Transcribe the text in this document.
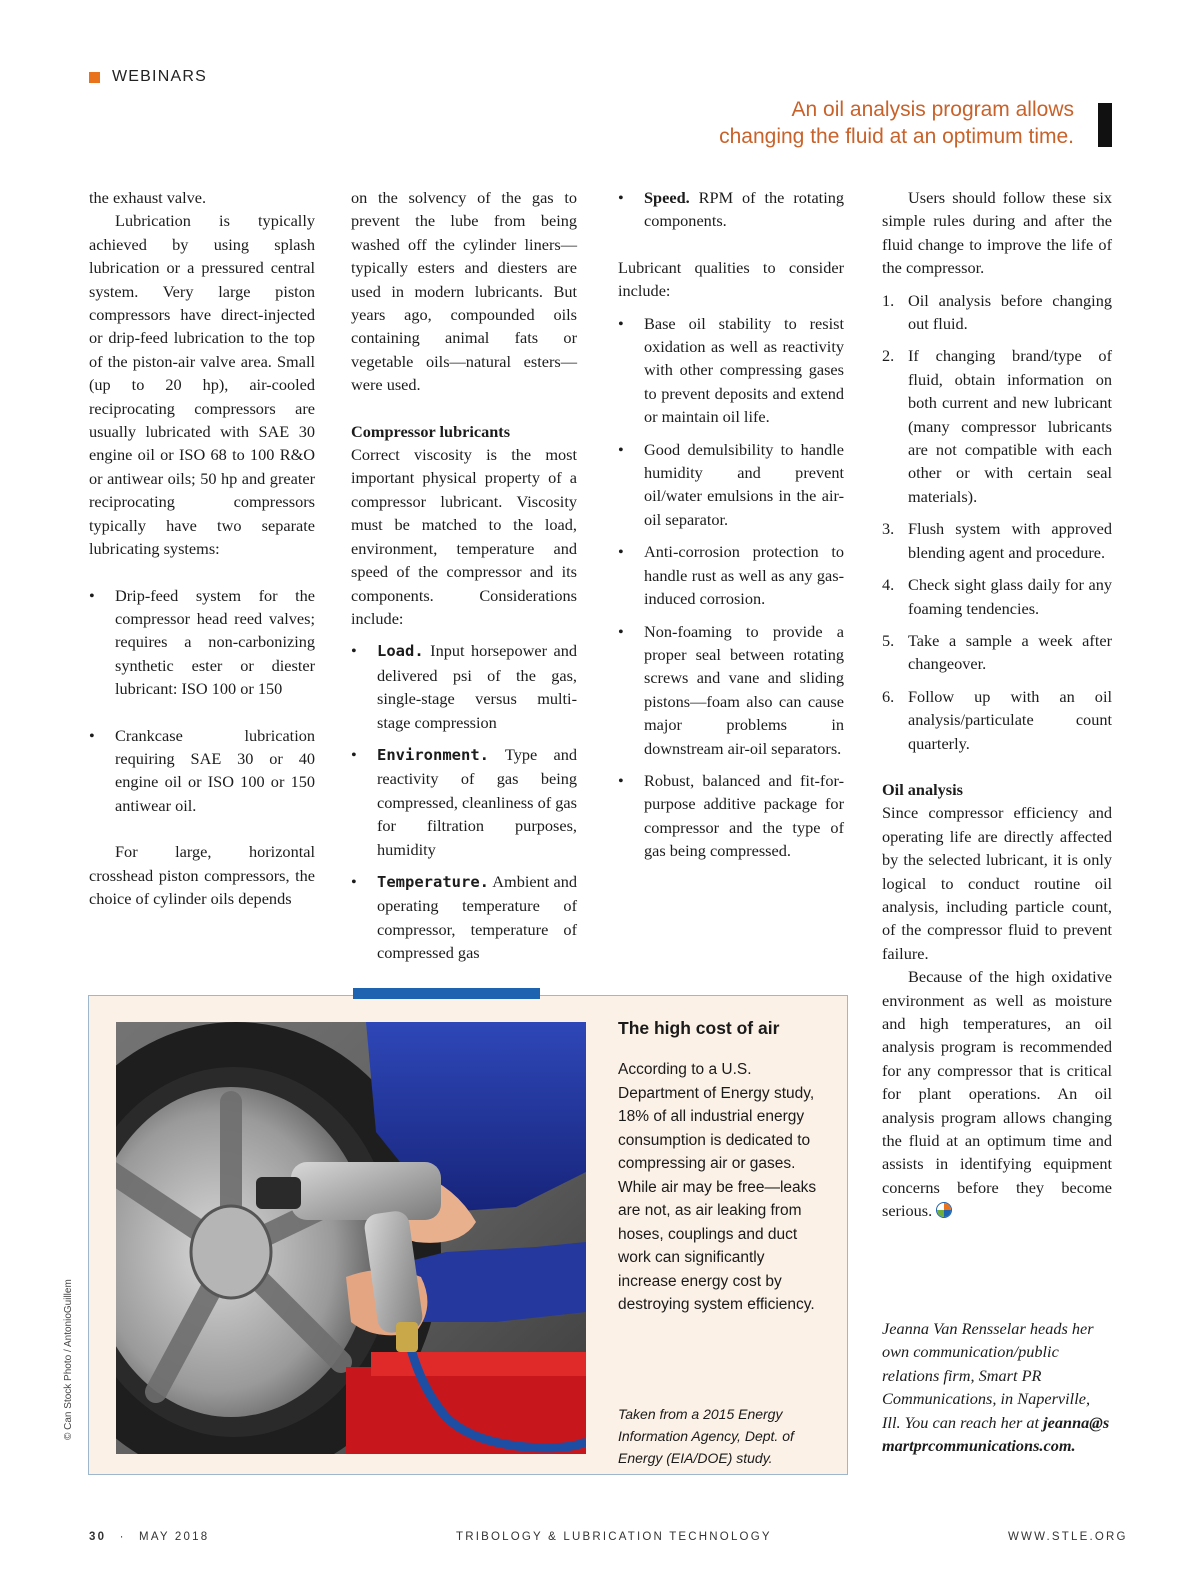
WEBINARS
An oil analysis program allows
changing the fluid at an optimum time.

the exhaust valve.

Lubrication is typically achieved by using splash lubrication or a pressured central system. Very large piston compressors have direct-injected or drip-feed lubrication to the top of the piston-air valve area. Small (up to 20 hp), air-cooled reciprocating compressors are usually lubricated with SAE 30 engine oil or ISO 68 to 100 R&O or antiwear oils; 50 hp and greater reciprocating compressors typically have two separate lubricating systems:

• Drip-feed system for the compressor head reed valves; requires a non-carbonizing synthetic ester or diester lubricant: ISO 100 or 150

• Crankcase lubrication requiring SAE 30 or 40 engine oil or ISO 100 or 150 antiwear oil.

For large, horizontal crosshead piston compressors, the choice of cylinder oils depends

on the solvency of the gas to prevent the lube from being washed off the cylinder liners—typically esters and diesters are used in modern lubricants. But years ago, compounded oils containing animal fats or vegetable oils—natural esters—were used.

Compressor lubricants

Correct viscosity is the most important physical property of a compressor lubricant. Viscosity must be matched to the load, environment, temperature and speed of the compressor and its components. Considerations include:

• Load. Input horsepower and delivered psi of the gas, single-stage versus multi-stage compression

• Environment. Type and reactivity of gas being compressed, cleanliness of gas for filtration purposes, humidity

• Temperature. Ambient and operating temperature of compressor, temperature of compressed gas

• Speed. RPM of the rotating components.

Lubricant qualities to consider include:

• Base oil stability to resist oxidation as well as reactivity with other compressing gases to prevent deposits and extend or maintain oil life.

• Good demulsibility to handle humidity and prevent oil/water emulsions in the air-oil separator.

• Anti-corrosion protection to handle rust as well as any gas-induced corrosion.

• Non-foaming to provide a proper seal between rotating screws and vane and sliding pistons—foam also can cause major problems in downstream air-oil separators.

• Robust, balanced and fit-for-purpose additive package for compressor and the type of gas being compressed.

Users should follow these six simple rules during and after the fluid change to improve the life of the compressor.

1. Oil analysis before changing out fluid.

2. If changing brand/type of fluid, obtain information on both current and new lubricant (many compressor lubricants are not compatible with each other or with certain seal materials).

3. Flush system with approved blending agent and procedure.

4. Check sight glass daily for any foaming tendencies.

5. Take a sample a week after changeover.

6. Follow up with an oil analysis/particulate count quarterly.

Oil analysis

Since compressor efficiency and operating life are directly affected by the selected lubricant, it is only logical to conduct routine oil analysis, including particle count, of the compressor fluid to prevent failure.

Because of the high oxidative environment as well as moisture and high temperatures, an oil analysis program is recommended for any compressor that is critical for plant operations. An oil analysis program allows changing the fluid at an optimum time and assists in identifying equipment concerns before they become serious.

The high cost of air

According to a U.S. Department of Energy study, 18% of all industrial energy consumption is dedicated to compressing air or gases. While air may be free—leaks are not, as air leaking from hoses, couplings and duct work can significantly increase energy cost by destroying system efficiency.

Taken from a 2015 Energy Information Agency, Dept. of Energy (EIA/DOE) study.

© Can Stock Photo / AntonioGuillem	Jeanna Van Rensselar heads her own communication/public relations firm, Smart PR Communications, in Naperville, Ill. You can reach her at jeanna@smartprcommunications.com.
30 · MAY 2018	TRIBOLOGY & LUBRICATION TECHNOLOGY	WWW.STLE.ORG
